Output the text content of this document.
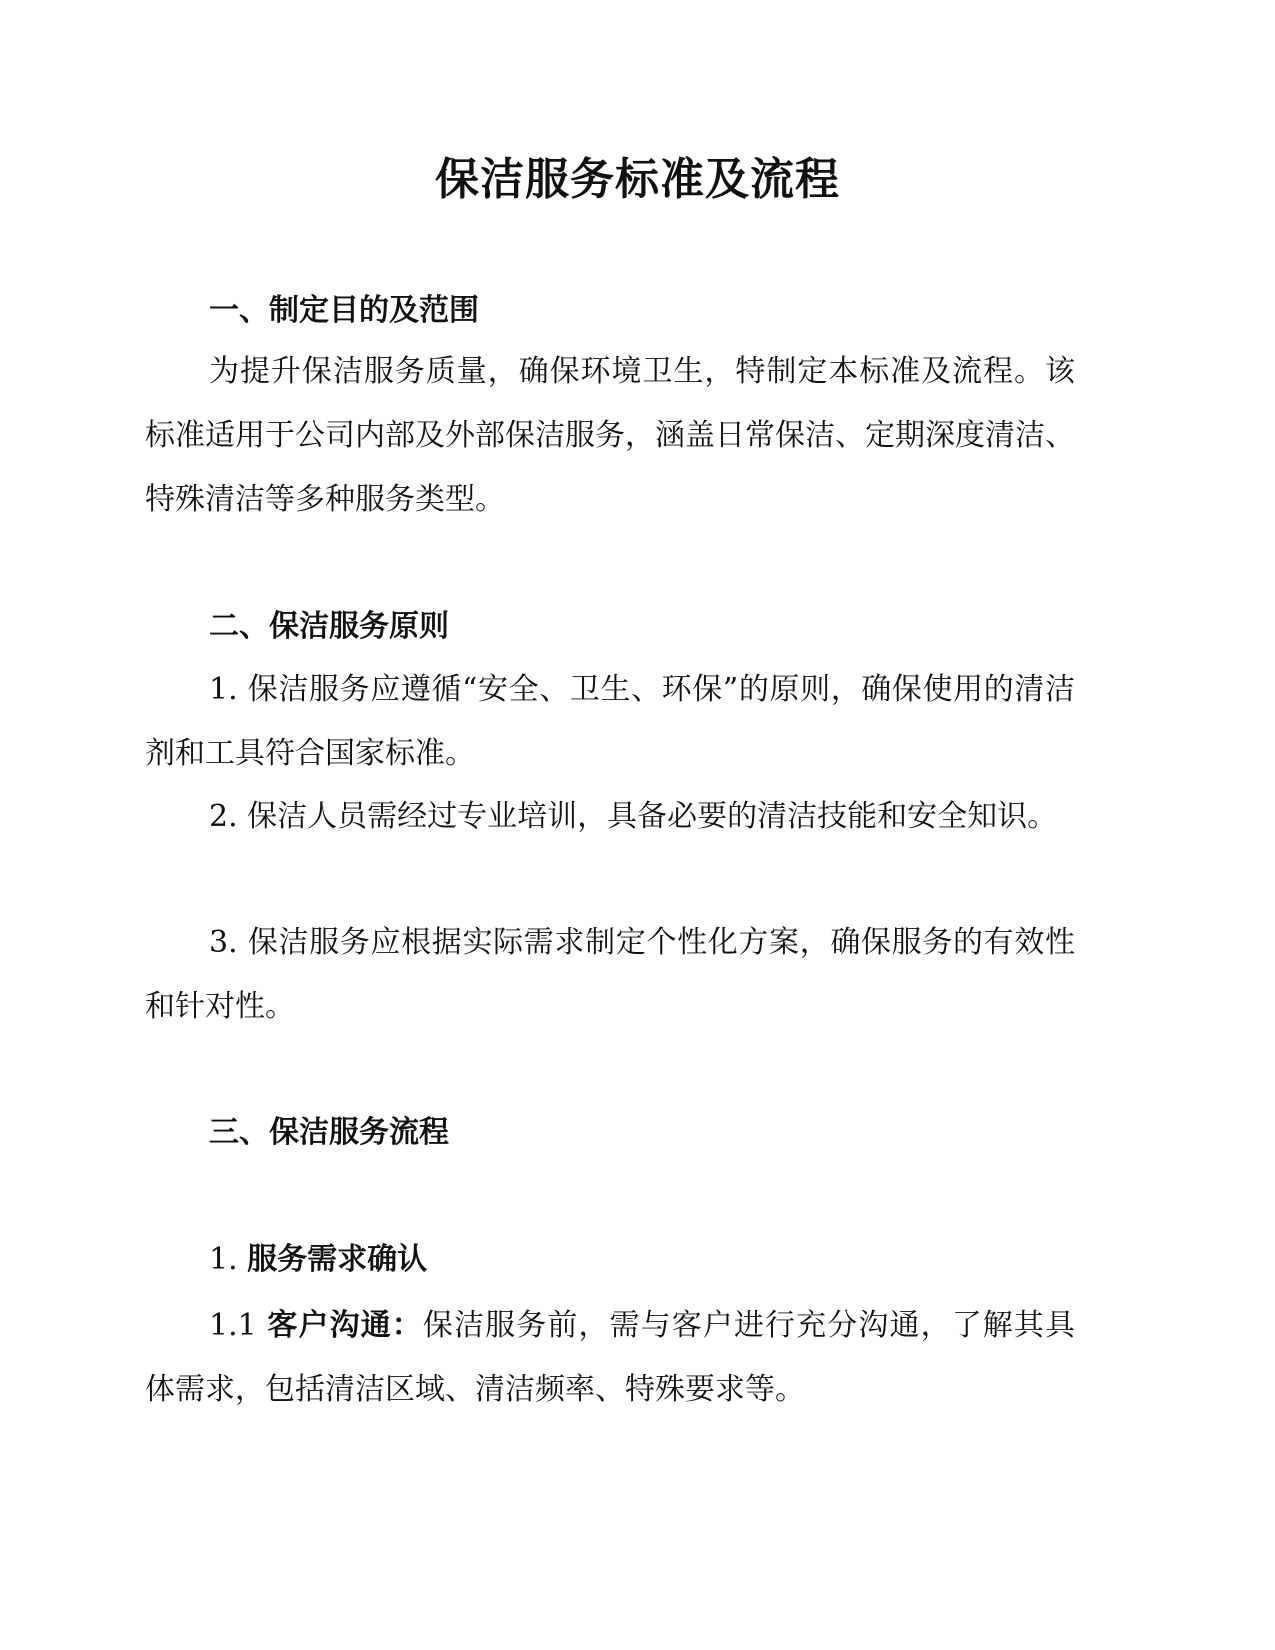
保洁服务标准及流程
一、制定目的及范围

为提升保洁服务质量，确保环境卫生，特制定本标准及流程。该标准适用于公司内部及外部保洁服务，涵盖日常保洁、定期深度清洁、特殊清洁等多种服务类型。

二、保洁服务原则

1. 保洁服务应遵循“安全、卫生、环保”的原则，确保使用的清洁剂和工具符合国家标准。

2. 保洁人员需经过专业培训，具备必要的清洁技能和安全知识。

3. 保洁服务应根据实际需求制定个性化方案，确保服务的有效性和针对性。

三、保洁服务流程
1. 服务需求确认

1.1 客户沟通：保洁服务前，需与客户进行充分沟通，了解其具体需求，包括清洁区域、清洁频率、特殊要求等。
